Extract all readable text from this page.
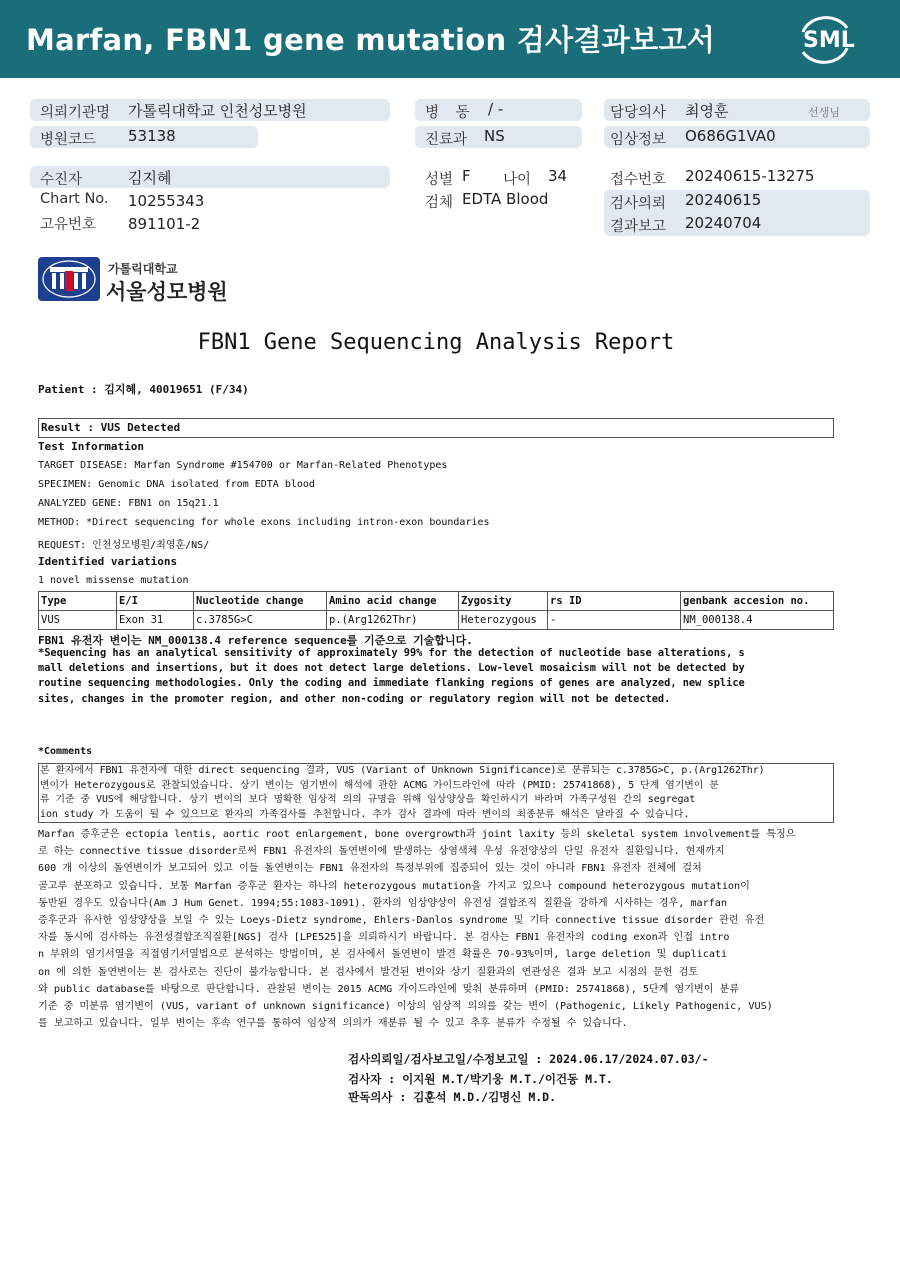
Marfan, FBN1 gene mutation 검사결과보고서	SML
의뢰기관명 가톨릭대학교 인천성모병원
병원코드 53138
병 동 / -
진료과 NS
담당의사 최영훈	선생님
임상정보 O686G1VA0
수진자	김지혜
Chart No. 10255343
고유번호 891101-2
성별 F 나이 34
검체 EDTA Blood
접수번호 20240615-13275
검사의뢰 20240615
결과보고 20240704
가톨릭대학교
서울성모병원
FBN1 Gene Sequencing Analysis Report
Patient : 김지혜, 40019651 (F/34)
Result : VUS Detected
Test Information
TARGET DISEASE: Marfan Syndrome #154700 or Marfan-Related Phenotypes
SPECIMEN: Genomic DNA isolated from EDTA blood
ANALYZED GENE: FBN1 on 15q21.1
METHOD: *Direct sequencing for whole exons including intron-exon boundaries
REQUEST: 인천성모병원/최영훈/NS/
Identified variations
1 novel missense mutation
Type	E/I	Nucleotide change	Amino acid change	Zygosity	rs ID	genbank accesion no.
VUS	Exon 31	c.3785G>C	p.(Arg1262Thr)	Heterozygous	-	NM_000138.4
FBN1 유전자 변이는 NM_000138.4 reference sequence를 기준으로 기술합니다.
*Sequencing has an analytical sensitivity of approximately 99% for the detection of nucleotide base alterations, s
mall deletions and insertions, but it does not detect large deletions. Low-level mosaicism will not be detected by
routine sequencing methodologies. Only the coding and immediate flanking regions of genes are analyzed, new splice
sites, changes in the promoter region, and other non-coding or regulatory region will not be detected.
*Comments
본 환자에서 FBN1 유전자에 대한 direct sequencing 결과, VUS (Variant of Unknown Significance)로 분류되는 c.3785G>C, p.(Arg1262Thr)
변이가 Heterozygous로 관찰되었습니다. 상기 변이는 염기변이 해석에 관한 ACMG 가이드라인에 따라 (PMID: 25741868), 5 단계 염기변이 분
류 기준 중 VUS에 해당합니다. 상기 변이의 보다 명확한 임상적 의의 규명을 위해 임상양상을 확인하시기 바라며 가족구성원 간의 segregat
ion study 가 도움이 될 수 있으므로 환자의 가족검사를 추천합니다. 추가 검사 결과에 따라 변이의 최종분류 해석은 달라질 수 있습니다.
Marfan 증후군은 ectopia lentis, aortic root enlargement, bone overgrowth과 joint laxity 등의 skeletal system involvement를 특징으
로 하는 connective tissue disorder로써 FBN1 유전자의 돌연변이에 발생하는 상염색체 우성 유전양상의 단일 유전자 질환입니다. 현재까지
600 개 이상의 돌연변이가 보고되어 있고 이들 돌연변이는 FBN1 유전자의 특정부위에 집중되어 있는 것이 아니라 FBN1 유전자 전체에 걸쳐
골고루 분포하고 있습니다. 보통 Marfan 증후군 환자는 하나의 heterozygous mutation을 가지고 있으나 compound heterozygous mutation이
동반된 경우도 있습니다(Am J Hum Genet. 1994;55:1083-1091). 환자의 임상양상이 유전성 결합조직 질환을 강하게 시사하는 경우, marfan
증후군과 유사한 임상양상을 보일 수 있는 Loeys-Dietz syndrome, Ehlers-Danlos syndrome 및 기타 connective tissue disorder 관련 유전
자를 동시에 검사하는 유전성결합조직질환[NGS] 검사 [LPE525]을 의뢰하시기 바랍니다. 본 검사는 FBN1 유전자의 coding exon과 인접 intro
n 부위의 염기서열을 직접염기서열법으로 분석하는 방법이며, 본 검사에서 돌연변이 발견 확률은 70-93%이며, large deletion 및 duplicati
on 에 의한 돌연변이는 본 검사로는 진단이 불가능합니다. 본 검사에서 발견된 변이와 상기 질환과의 연관성은 결과 보고 시점의 문헌 검토
와 public database를 바탕으로 판단합니다. 관찰된 변이는 2015 ACMG 가이드라인에 맞춰 분류하며 (PMID: 25741868), 5단계 염기변이 분류
기준 중 미분류 염기변이 (VUS, variant of unknown significance) 이상의 임상적 의의를 갖는 변이 (Pathogenic, Likely Pathogenic, VUS)
를 보고하고 있습니다. 일부 변이는 후속 연구를 통하여 임상적 의의가 재분류 될 수 있고 추후 분류가 수정될 수 있습니다.
검사의뢰일/검사보고일/수정보고일 : 2024.06.17/2024.07.03/-
검사자 : 이지원 M.T/박기웅 M.T./이건동 M.T.
판독의사 : 김훈석 M.D./김명신 M.D.
